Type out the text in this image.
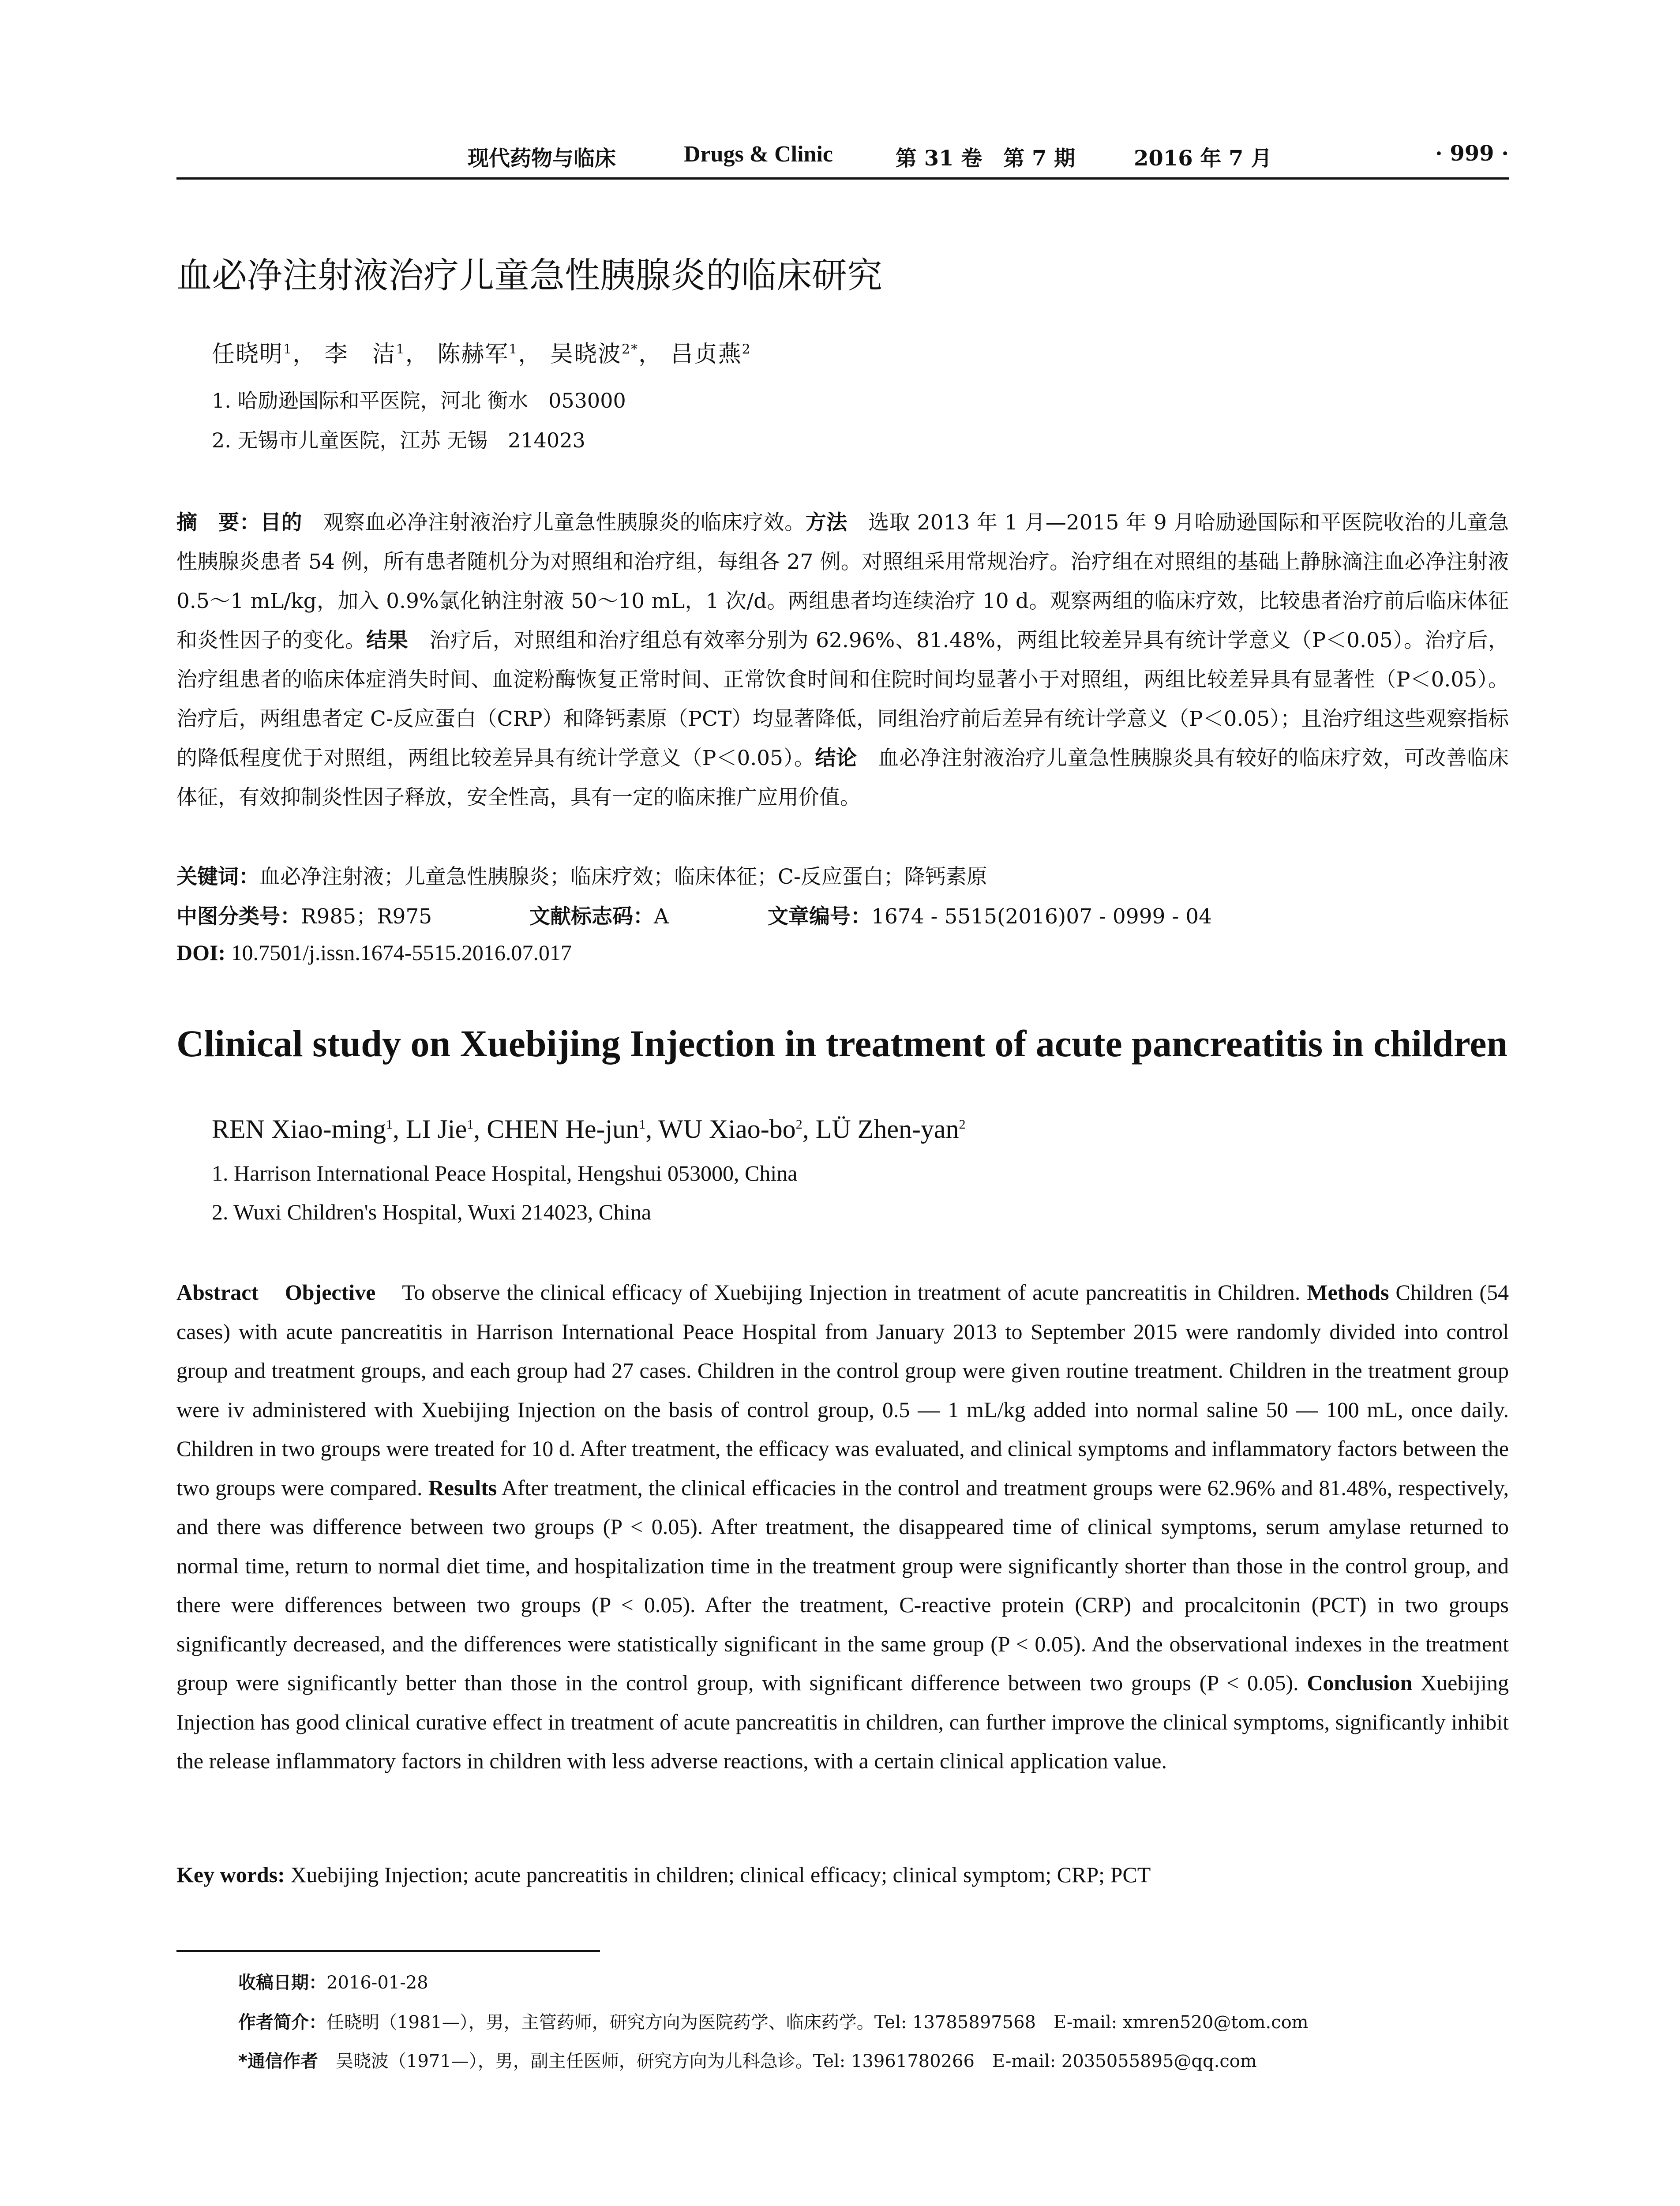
现代药物与临床	Drugs & Clinic	第 31 卷　第 7 期	2016 年 7 月	· 999 ·
血必净注射液治疗儿童急性胰腺炎的临床研究
任晓明$^1$， 李　洁$^1$， 陈赫军$^1$， 吴晓波$^{2*}$， 吕贞燕$^2$
1. 哈励逊国际和平医院，河北 衡水　053000
2. 无锡市儿童医院，江苏 无锡　214023
摘　要：目的　观察血必净注射液治疗儿童急性胰腺炎的临床疗效。方法　选取 2013 年 1 月—2015 年 9 月哈励逊国际和平医院收治的儿童急性胰腺炎患者 54 例，所有患者随机分为对照组和治疗组，每组各 27 例。对照组采用常规治疗。治疗组在对照组的基础上静脉滴注血必净注射液 0.5～1 mL/kg，加入 0.9%氯化钠注射液 50～10 mL，1 次/d。两组患者均连续治疗 10 d。观察两组的临床疗效，比较患者治疗前后临床体征和炎性因子的变化。结果　治疗后，对照组和治疗组总有效率分别为 62.96%、81.48%，两组比较差异具有统计学意义（P＜0.05）。治疗后，治疗组患者的临床体症消失时间、血淀粉酶恢复正常时间、正常饮食时间和住院时间均显著小于对照组，两组比较差异具有显著性（P＜0.05）。治疗后，两组患者定 C-反应蛋白（CRP）和降钙素原（PCT）均显著降低，同组治疗前后差异有统计学意义（P＜0.05）；且治疗组这些观察指标的降低程度优于对照组，两组比较差异具有统计学意义（P＜0.05）。结论　血必净注射液治疗儿童急性胰腺炎具有较好的临床疗效，可改善临床体征，有效抑制炎性因子释放，安全性高，具有一定的临床推广应用价值。
关键词：血必净注射液；儿童急性胰腺炎；临床疗效；临床体征；C-反应蛋白；降钙素原
中图分类号：R985；R975	文献标志码：A	文章编号：1674 - 5515(2016)07 - 0999 - 04
DOI: 10.7501/j.issn.1674-5515.2016.07.017
Clinical study on Xuebijing Injection in treatment of acute pancreatitis in children
REN Xiao-ming$^1$, LI Jie$^1$, CHEN He-jun$^1$, WU Xiao-$bo^2$, LÜ Zhen-yan$^2$
1. Harrison International Peace Hospital, Hengshui 053000, China
2. Wuxi Children's Hospital, Wuxi 214023, China
Abstract Objective To observe the clinical efficacy of Xuebijing Injection in treatment of acute pancreatitis in Children. Methods Children (54 cases) with acute pancreatitis in Harrison International Peace Hospital from January 2013 to September 2015 were randomly divided into control group and treatment groups, and each group had 27 cases. Children in the control group were given routine treatment. Children in the treatment group were iv administered with Xuebijing Injection on the basis of control group, 0.5 — 1 mL/kg added into normal saline 50 — 100 mL, once daily. Children in two groups were treated for 10 d. After treatment, the efficacy was evaluated, and clinical symptoms and inflammatory factors between the two groups were compared. Results After treatment, the clinical efficacies in the control and treatment groups were 62.96% and 81.48%, respectively, and there was difference between two groups (P < 0.05). After treatment, the disappeared time of clinical symptoms, serum amylase returned to normal time, return to normal diet time, and hospitalization time in the treatment group were significantly shorter than those in the control group, and there were differences between two groups (P < 0.05). After the treatment, C-reactive protein (CRP) and procalcitonin (PCT) in two groups significantly decreased, and the differences were statistically significant in the same group (P < 0.05). And the observational indexes in the treatment group were significantly better than those in the control group, with significant difference between two groups (P < 0.05). Conclusion Xuebijing Injection has good clinical curative effect in treatment of acute pancreatitis in children, can further improve the clinical symptoms, significantly inhibit the release inflammatory factors in children with less adverse reactions, with a certain clinical application value.
Key words: Xuebijing Injection; acute pancreatitis in children; clinical efficacy; clinical symptom; CRP; PCT
收稿日期：2016-01-28
作者简介：任晓明（1981—），男，主管药师，研究方向为医院药学、临床药学。Tel: 13785897568　E-mail: xmren520@tom.com
*通信作者　吴晓波（1971—），男，副主任医师，研究方向为儿科急诊。Tel: 13961780266　E-mail: 2035055895@qq.com
